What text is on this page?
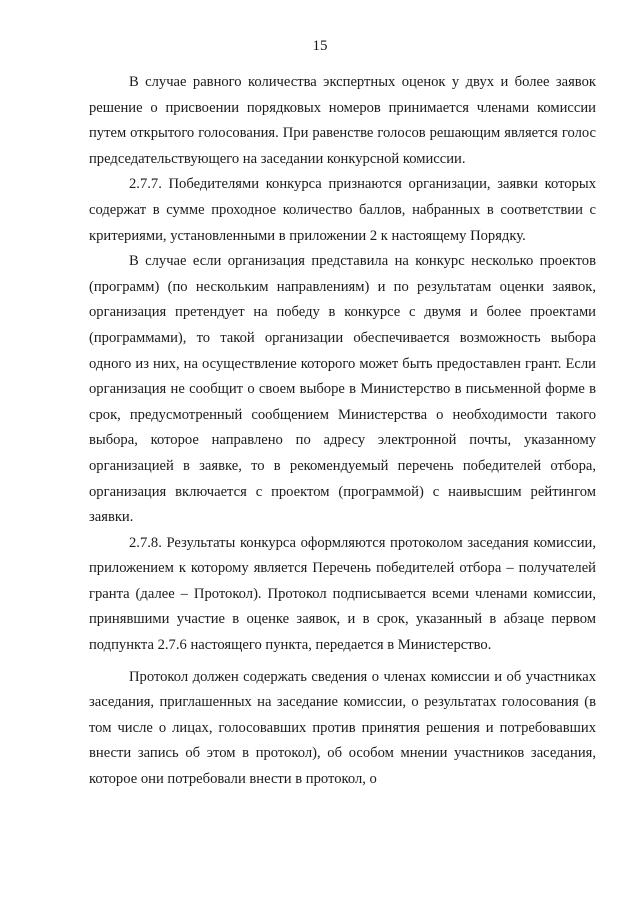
15

В случае равного количества экспертных оценок у двух и более заявок решение о присвоении порядковых номеров принимается членами комиссии путем открытого голосования. При равенстве голосов решающим является голос председательствующего на заседании конкурсной комиссии.

2.7.7. Победителями конкурса признаются организации, заявки которых содержат в сумме проходное количество баллов, набранных в соответствии с критериями, установленными в приложении 2 к настоящему Порядку.

В случае если организация представила на конкурс несколько проектов (программ) (по нескольким направлениям) и по результатам оценки заявок, организация претендует на победу в конкурсе с двумя и более проектами (программами), то такой организации обеспечивается возможность выбора одного из них, на осуществление которого может быть предоставлен грант. Если организация не сообщит о своем выборе в Министерство в письменной форме в срок, предусмотренный сообщением Министерства о необходимости такого выбора, которое направлено по адресу электронной почты, указанному организацией в заявке, то в рекомендуемый перечень победителей отбора, организация включается с проектом (программой) с наивысшим рейтингом заявки.

2.7.8. Результаты конкурса оформляются протоколом заседания комиссии, приложением к которому является Перечень победителей отбора – получателей гранта (далее – Протокол). Протокол подписывается всеми членами комиссии, принявшими участие в оценке заявок, и в срок, указанный в абзаце первом подпункта 2.7.6 настоящего пункта, передается в Министерство.

Протокол должен содержать сведения о членах комиссии и об участниках заседания, приглашенных на заседание комиссии, о результатах голосования (в том числе о лицах, голосовавших против принятия решения и потребовавших внести запись об этом в протокол), об особом мнении участников заседания, которое они потребовали внести в протокол, о
